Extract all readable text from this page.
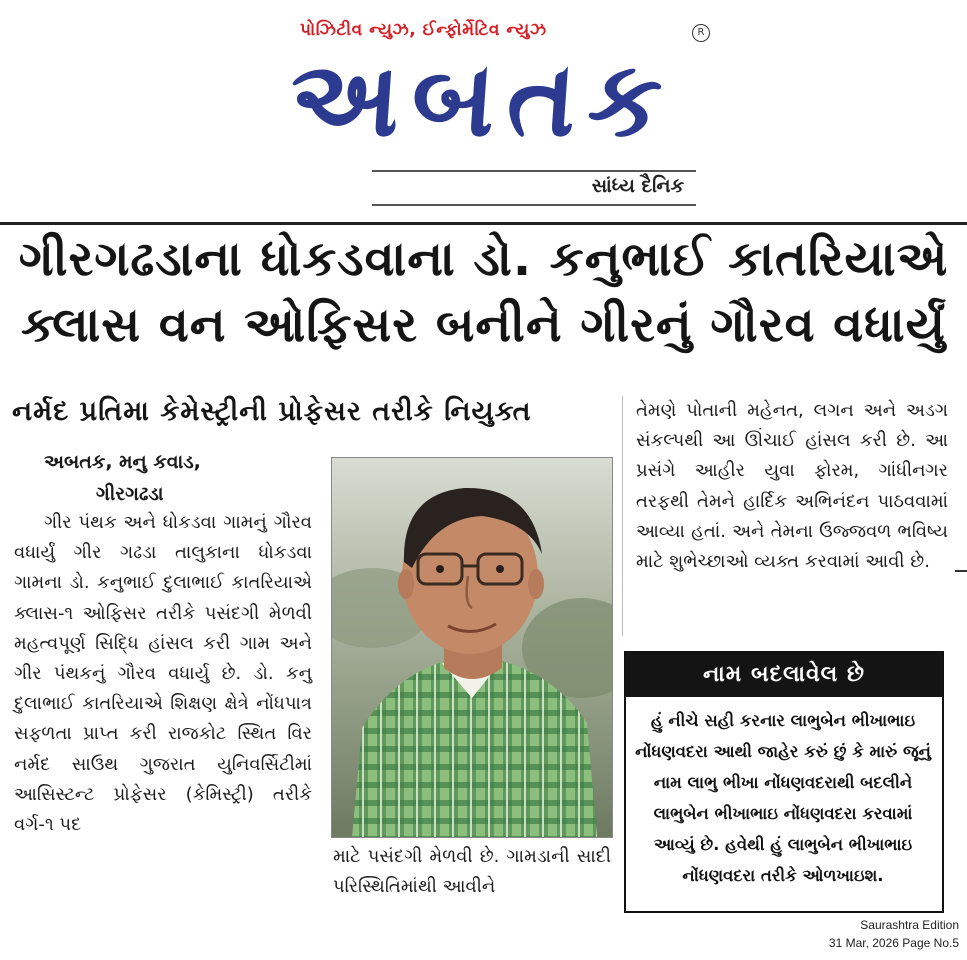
પોઝિટીવ ન્યુઝ, ઈન્ફોર્મેટિવ ન્યુઝ	R
અબતક
સાંધ્ય દૈનિક
ગીરગઢડાના ધોકડવાના ડો. કનુભાઈ કાતરિયાએ
ક્લાસ વન ઓફિસર બનીને ગીરનું ગૌરવ વધાર્યું
નર્મદ પ્રતિમા કેમેસ્ટ્રીની પ્રોફેસર તરીકે નિયુક્ત
અબતક, મનુ કવાડ,
ગીરગઢડા
ગીર પંથક અને ધોકડવા ગામનું ગૌરવ વધાર્યું ગીર ગઢડા તાલુકાના ધોકડવા ગામના ડો. કનુભાઈ દુલાભાઈ કાતરિયાએ ક્લાસ-૧ ઓફિસર તરીકે પસંદગી મેળવી મહત્વપૂર્ણ સિદ્ધિ હાંસલ કરી ગામ અને ગીર પંથકનું ગૌરવ વધાર્યુ છે. ડો. કનુ દુલાભાઈ કાતરિયાએ શિક્ષણ ક્ષેત્રે નોંધપાત્ર સફળતા પ્રાપ્ત કરી રાજકોટ સ્થિત વિર નર્મદ સાઉથ ગુજરાત યુનિવર્સિટીમાં આસિસ્ટન્ટ પ્રોફેસર (કેમિસ્ટ્રી) તરીકે વર્ગ-૧ પદ
માટે પસંદગી મેળવી છે. ગામડાની સાદી પરિસ્થિતિમાંથી આવીને
તેમણે પોતાની મહેનત, લગન અને અડગ સંકલ્પથી આ ઊંચાઈ હાંસલ કરી છે. આ પ્રસંગે આહીર યુવા ફોરમ, ગાંધીનગર તરફથી તેમને હાર્દિક અભિનંદન પાઠવવામાં આવ્યા હતાં. અને તેમના ઉજ્જવળ ભવિષ્ય માટે શુભેચ્છાઓ વ્યક્ત કરવામાં આવી છે.
નામ બદલાવેલ છે
હું નીચે સહી કરનાર લાભુબેન ભીખાભાઇ નોંધણવદરા આથી જાહેર કરું છું કે મારું જૂનું નામ લાભુ ભીખા નોંધણવદરાથી બદલીને લાભુબેન ભીખાભાઇ નોંધણવદરા કરવામાં આવ્યું છે. હવેથી હું લાભુબેન ભીખાભાઇ નોંધણવદરા તરીકે ઓળખાઇશ.
Saurashtra Edition
31 Mar, 2026 Page No.5
